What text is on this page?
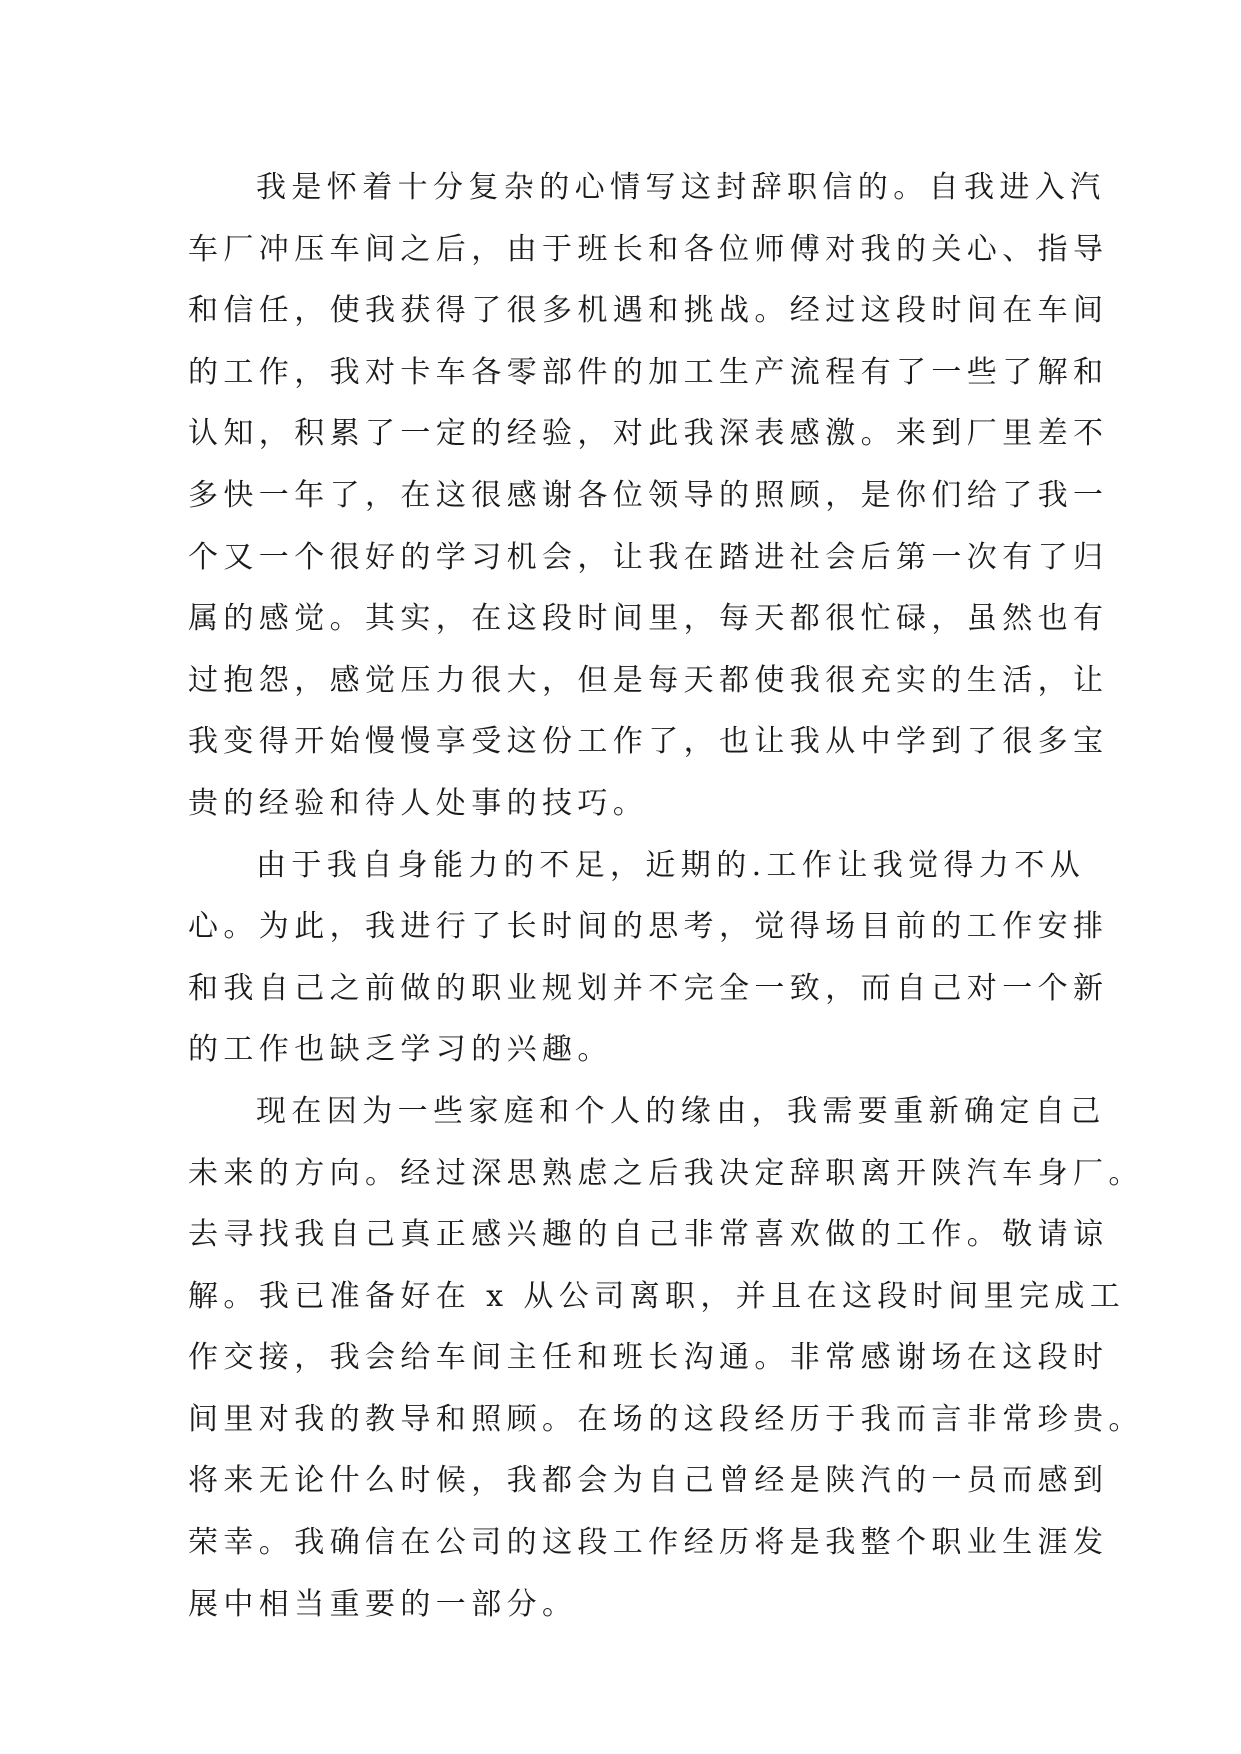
我是怀着十分复杂的心情写这封辞职信的。自我进入汽
车厂冲压车间之后，由于班长和各位师傅对我的关心、指导
和信任，使我获得了很多机遇和挑战。经过这段时间在车间
的工作，我对卡车各零部件的加工生产流程有了一些了解和
认知，积累了一定的经验，对此我深表感激。来到厂里差不
多快一年了，在这很感谢各位领导的照顾，是你们给了我一
个又一个很好的学习机会，让我在踏进社会后第一次有了归
属的感觉。其实，在这段时间里，每天都很忙碌，虽然也有
过抱怨，感觉压力很大，但是每天都使我很充实的生活，让
我变得开始慢慢享受这份工作了，也让我从中学到了很多宝
贵的经验和待人处事的技巧。
由于我自身能力的不足，近期的.工作让我觉得力不从
心。为此，我进行了长时间的思考，觉得场目前的工作安排
和我自己之前做的职业规划并不完全一致，而自己对一个新
的工作也缺乏学习的兴趣。
现在因为一些家庭和个人的缘由，我需要重新确定自己
未来的方向。经过深思熟虑之后我决定辞职离开陕汽车身厂。
去寻找我自己真正感兴趣的自己非常喜欢做的工作。敬请谅
解。我已准备好在 x 从公司离职，并且在这段时间里完成工
作交接，我会给车间主任和班长沟通。非常感谢场在这段时
间里对我的教导和照顾。在场的这段经历于我而言非常珍贵。
将来无论什么时候，我都会为自己曾经是陕汽的一员而感到
荣幸。我确信在公司的这段工作经历将是我整个职业生涯发
展中相当重要的一部分。
